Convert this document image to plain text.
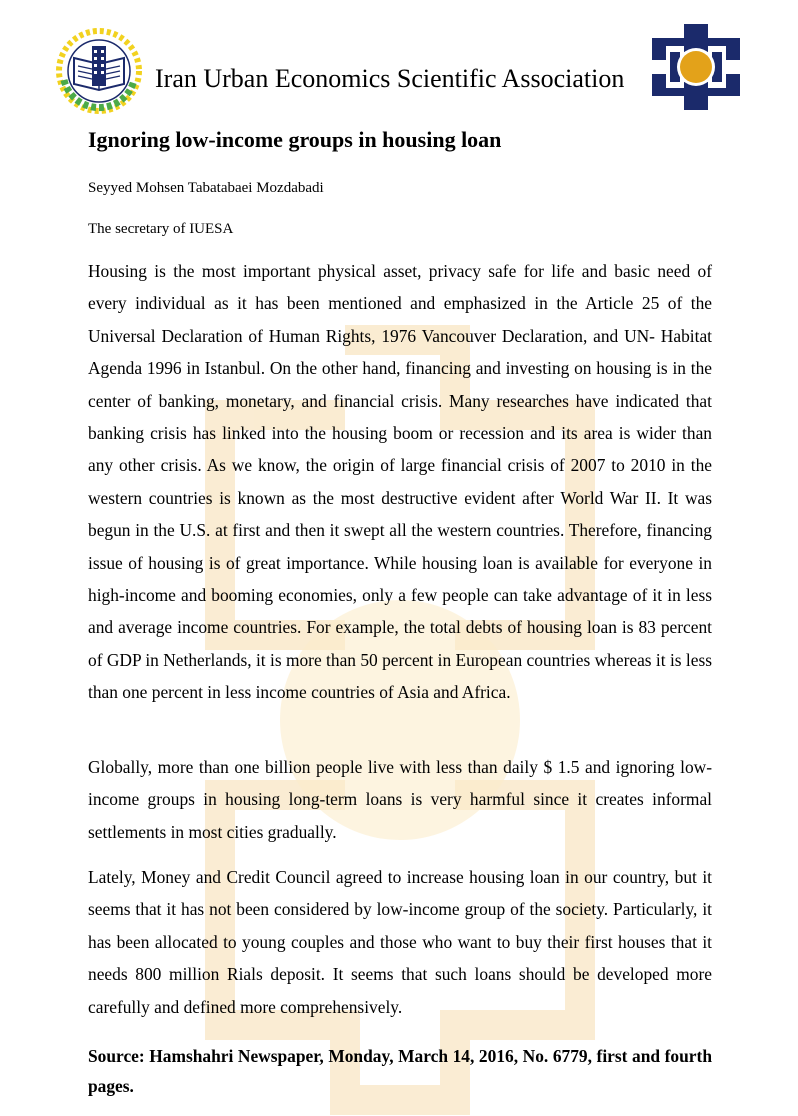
Iran Urban Economics Scientific Association
Ignoring low-income groups in housing loan

Seyyed Mohsen Tabatabaei Mozdabadi

The secretary of IUESA

Housing is the most important physical asset, privacy safe for life and basic need of every individual as it has been mentioned and emphasized in the Article 25 of the Universal Declaration of Human Rights, 1976 Vancouver Declaration, and UN- Habitat Agenda 1996 in Istanbul. On the other hand, financing and investing on housing is in the center of banking, monetary, and financial crisis. Many researches have indicated that banking crisis has linked into the housing boom or recession and its area is wider than any other crisis. As we know, the origin of large financial crisis of 2007 to 2010 in the western countries is known as the most destructive evident after World War II. It was begun in the U.S. at first and then it swept all the western countries. Therefore, financing issue of housing is of great importance. While housing loan is available for everyone in high-income and booming economies, only a few people can take advantage of it in less and average income countries. For example, the total debts of housing loan is 83 percent of GDP in Netherlands, it is more than 50 percent in European countries whereas it is less than one percent in less income countries of Asia and Africa.

Globally, more than one billion people live with less than daily $ 1.5 and ignoring low-income groups in housing long-term loans is very harmful since it creates informal settlements in most cities gradually.

Lately, Money and Credit Council agreed to increase housing loan in our country, but it seems that it has not been considered by low-income group of the society. Particularly, it has been allocated to young couples and those who want to buy their first houses that it needs 800 million Rials deposit. It seems that such loans should be developed more carefully and defined more comprehensively.

Source: Hamshahri Newspaper, Monday, March 14, 2016, No. 6779, first and fourth pages.
